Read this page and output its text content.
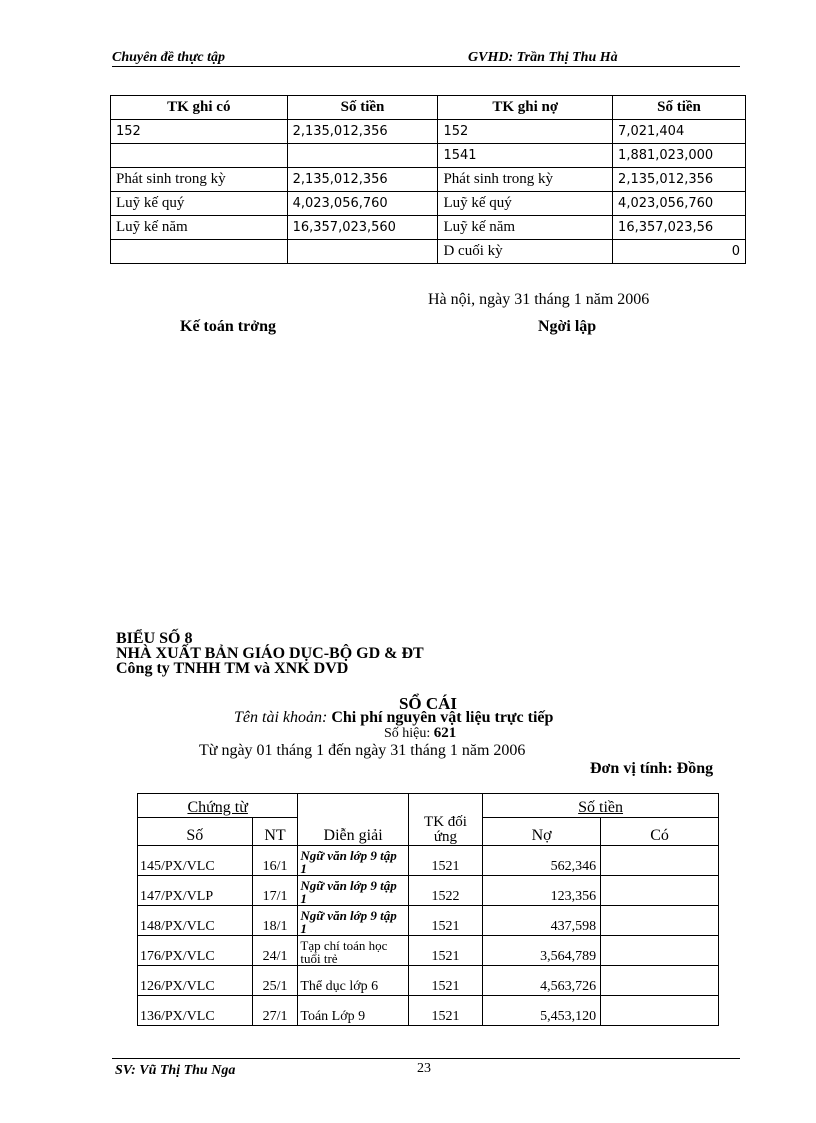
Chuyên đề thực tập	GVHD: Trần Thị Thu Hà
TK ghi có	Số tiền	TK ghi nợ	Số tiền
152	2,135,012,356	152	7,021,404
		1541	1,881,023,000
Phát sinh trong kỳ	2,135,012,356	Phát sinh trong kỳ	2,135,012,356
Luỹ kế quý	4,023,056,760	Luỹ kế quý	4,023,056,760
Luỹ kế năm	16,357,023,560	Luỹ kế năm	16,357,023,56
		D cuối kỳ	0
Hà nội, ngày 31 tháng 1 năm 2006
Kế toán trởng	Ngời lập
BIỂU SỐ 8
NHÀ XUẤT BẢN GIÁO DỤC-BỘ GD & ĐT
Công ty TNHH TM và XNK DVD
SỔ CÁI
Tên tài khoản: Chi phí nguyên vật liệu trực tiếp
Số hiệu: 621
Từ ngày 01 tháng 1 đến ngày 31 tháng 1 năm 2006
Đơn vị tính: Đồng
Chứng từ		Diễn giải	TK đối ứng	Số tiền	
Số	NT			Nợ	Có
145/PX/VLC	16/1	Ngữ văn lớp 9 tập 1	1521	562,346	
147/PX/VLP	17/1	Ngữ văn lớp 9 tập 1	1522	123,356	
148/PX/VLC	18/1	Ngữ văn lớp 9 tập 1	1521	437,598	
176/PX/VLC	24/1	Tạp chí toán học tuổi trẻ	1521	3,564,789	
126/PX/VLC	25/1	Thể dục lớp 6	1521	4,563,726	
136/PX/VLC	27/1	Toán Lớp 9	1521	5,453,120	
SV: Vũ Thị Thu Nga	23
